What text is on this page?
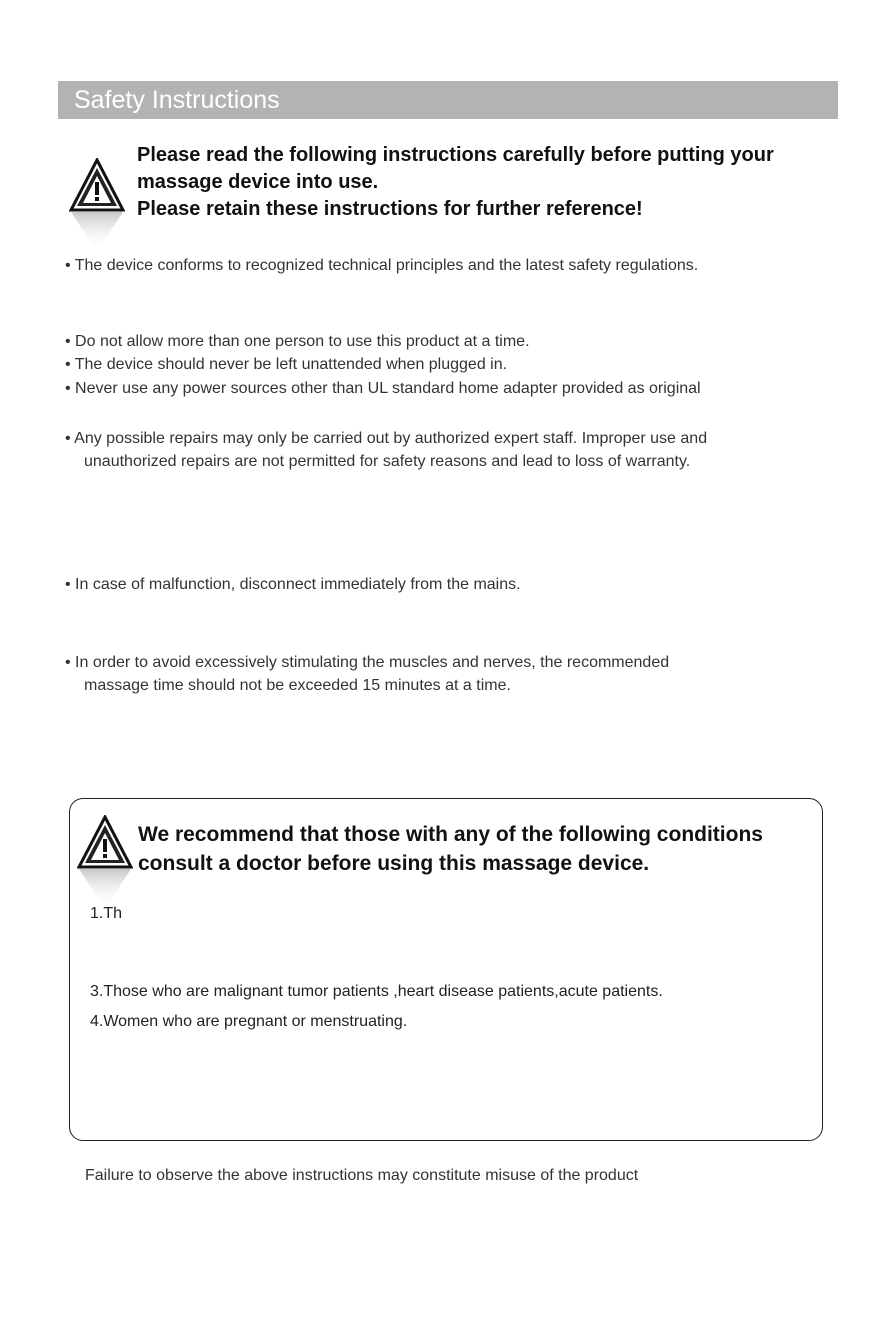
Safety Instructions
Please read the following instructions carefully before putting your
massage device into use.
Please retain these instructions for further reference!
• The device conforms to recognized technical principles and the latest safety regulations.
• Do not allow more than one person to use this product at a time.
• The device should never be left unattended when plugged in.
• Never use any power sources other than UL standard home adapter provided as original
• Any possible repairs may only be carried out by authorized expert staff. Improper use and
unauthorized repairs are not permitted for safety reasons and lead to loss of warranty.
• In case of malfunction, disconnect immediately from the mains.
• In order to avoid excessively stimulating the muscles and nerves, the recommended
massage time should not be exceeded 15 minutes at a time.
We recommend that those with any of the following conditions
consult a doctor before using this massage device.
1.Th
3.Those who are malignant tumor patients ,heart disease patients,acute patients.
4.Women who are pregnant or menstruating.
Failure to observe the above instructions may constitute misuse of the product
